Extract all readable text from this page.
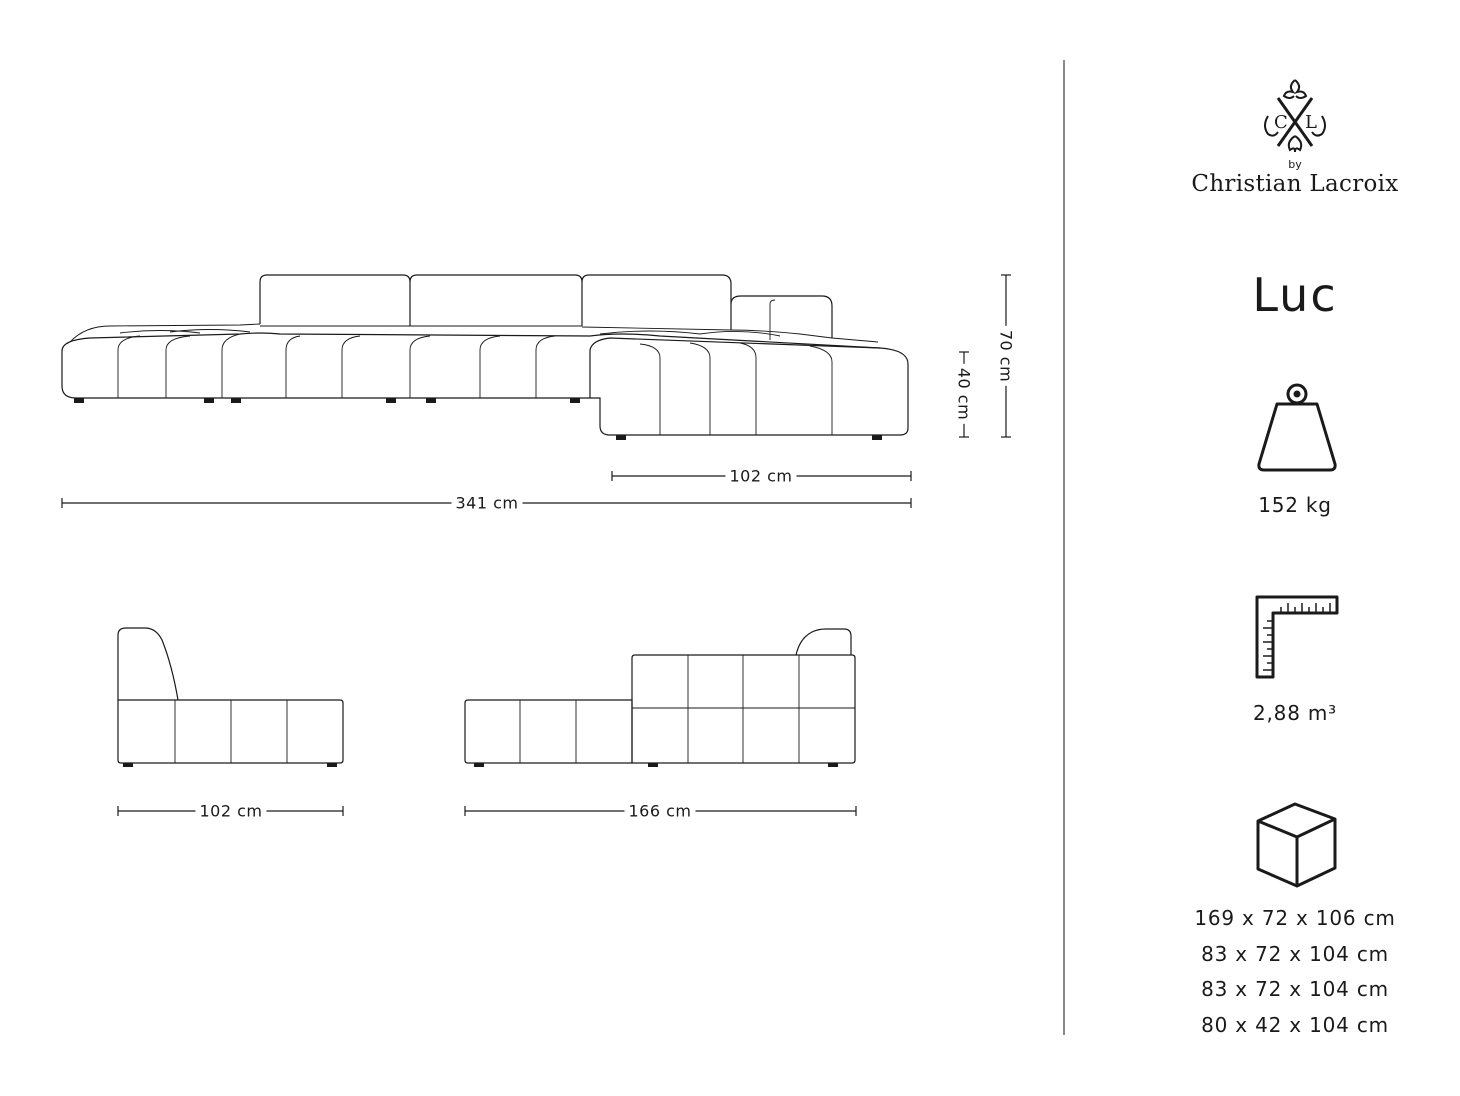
341 cm
102 cm
70 cm
40 cm
102 cm	166 cm
C L
by
Christian Lacroix
Luc
152 kg
2,88 m³
169 x 72 x 106 cm
83 x 72 x 104 cm
83 x 72 x 104 cm
80 x 42 x 104 cm
